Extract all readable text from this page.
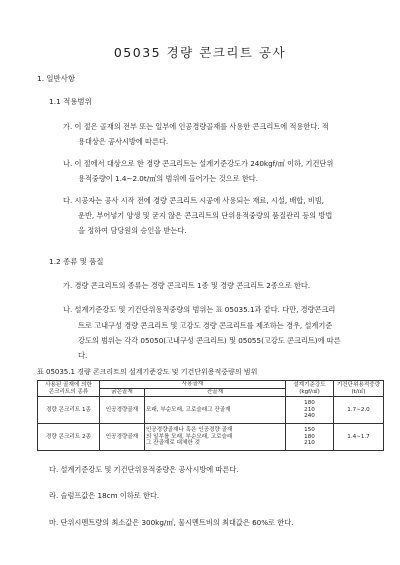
05035 경량 콘크리트 공사
1. 일반사항
1.1 적용범위
가. 이 절은 골재의 전부 또는 일부에 인공경량골재를 사용한 콘크리트에 적용한다. 적
용대상은 공사시방에 따른다.
나. 이 절에서 대상으로 한 경량 콘크리트는 설계기준강도가 240kgf/㎠ 이하, 기건단위
용적중량이 1.4∼2.0t/㎥의 범위에 들어가는 것으로 한다.
다. 시공자는 공사 시작 전에 경량 콘크리트 시공에 사용되는 재료, 시설, 배합, 비빔,
운반, 부어넣기 양생 및 굳지 않은 콘크리트의 단위용적중량의 품질관리 등의 방법
을 정하여 담당원의 승인을 받는다.
1.2 종류 및 품질
가. 경량 콘크리트의 종류는 경량 콘크리트 1종 및 경량 콘크리트 2종으로 한다.
나. 설계기준강도 및 기건단위용적중량의 범위는 표 05035.1과 같다. 다만, 경량콘크리
트로 고내구성 경량 콘크리트 및 고강도 경량 콘크리트를 제조하는 경우, 설계기준
강도의 범위는 각각 05050(고내구성 콘크리트) 및 05055(고강도 콘크리트)에 따른
다.
표 05035.1 경량 콘크리트의 설계기준강도 및 기건단위용적중량의 범위
사용된 골재에 의한
콘크리트의 종류	사용골재		설계기준강도
(kgf/㎠)	기건단위용적중량
(t/㎥)

	굵은골재	잔골재		
경량 콘크리트 1종	인공경량골재	모래, 부순모래, 고로슬래그 잔골재	180
210
240	1.7∼2.0
경량 콘크리트 2종	인공경량골재	인공경량골재나 혹은 인공경량 골재
의 일부를 모래, 부순모래, 고로슬래
그 잔골재로 대체한 것	150
180
210	1.4∼1.7
다. 설계기준강도 및 기건단위용적중량은 공사시방에 따른다.
라. 슬럼프값은 18cm 이하로 한다.
마. 단위시멘트량의 최소값은 300kg/㎥, 물시멘트비의 최대값은 60%로 한다.
